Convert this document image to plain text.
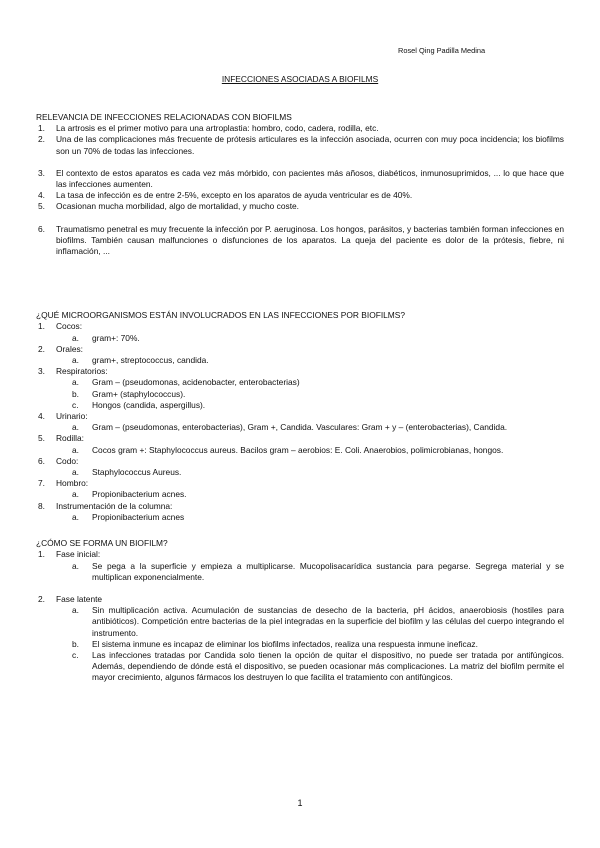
Rosel Qing Padilla Medina
INFECCIONES ASOCIADAS A BIOFILMS
RELEVANCIA DE INFECCIONES RELACIONADAS CON BIOFILMS
1. La artrosis es el primer motivo para una artroplastia: hombro, codo, cadera, rodilla, etc.
2. Una de las complicaciones más frecuente de prótesis articulares es la infección asociada, ocurren con muy poca incidencia; los biofilms son un 70% de todas las infecciones.
3. El contexto de estos aparatos es cada vez más mórbido, con pacientes más añosos, diabéticos, inmunosuprimidos, ... lo que hace que las infecciones aumenten.
4. La tasa de infección es de entre 2-5%, excepto en los aparatos de ayuda ventricular es de 40%.
5. Ocasionan mucha morbilidad, algo de mortalidad, y mucho coste.
6. Traumatismo penetral es muy frecuente la infección por P. aeruginosa. Los hongos, parásitos, y bacterias también forman infecciones en biofilms. También causan malfunciones o disfunciones de los aparatos. La queja del paciente es dolor de la prótesis, fiebre, ni inflamación, ...
¿QUÉ MICROORGANISMOS ESTÁN INVOLUCRADOS EN LAS INFECCIONES POR BIOFILMS?
1. Cocos:
a. gram+: 70%.
2. Orales:
a. gram+, streptococcus, candida.
3. Respiratorios:
a. Gram – (pseudomonas, acidenobacter, enterobacterias)
b. Gram+ (staphylococcus).
c. Hongos (candida, aspergillus).
4. Urinario:
a. Gram – (pseudomonas, enterobacterias), Gram +, Candida. Vasculares: Gram + y – (enterobacterias), Candida.
5. Rodilla:
a. Cocos gram +: Staphylococcus aureus. Bacilos gram – aerobios: E. Coli. Anaerobios, polimicrobianas, hongos.
6. Codo:
a. Staphylococcus Aureus.
7. Hombro:
a. Propionibacterium acnes.
8. Instrumentación de la columna:
a. Propionibacterium acnes
¿CÓMO SE FORMA UN BIOFILM?
1. Fase inicial:
a. Se pega a la superficie y empieza a multiplicarse. Mucopolisacarídica sustancia para pegarse. Segrega material y se multiplican exponencialmente.
2. Fase latente
a. Sin multiplicación activa. Acumulación de sustancias de desecho de la bacteria, pH ácidos, anaerobiosis (hostiles para antibióticos). Competición entre bacterias de la piel integradas en la superficie del biofilm y las células del cuerpo integrando el instrumento.
b. El sistema inmune es incapaz de eliminar los biofilms infectados, realiza una respuesta inmune ineficaz.
c. Las infecciones tratadas por Candida solo tienen la opción de quitar el dispositivo, no puede ser tratada por antifúngicos. Además, dependiendo de dónde está el dispositivo, se pueden ocasionar más complicaciones. La matriz del biofilm permite el mayor crecimiento, algunos fármacos los destruyen lo que facilita el tratamiento con antifúngicos.
1
